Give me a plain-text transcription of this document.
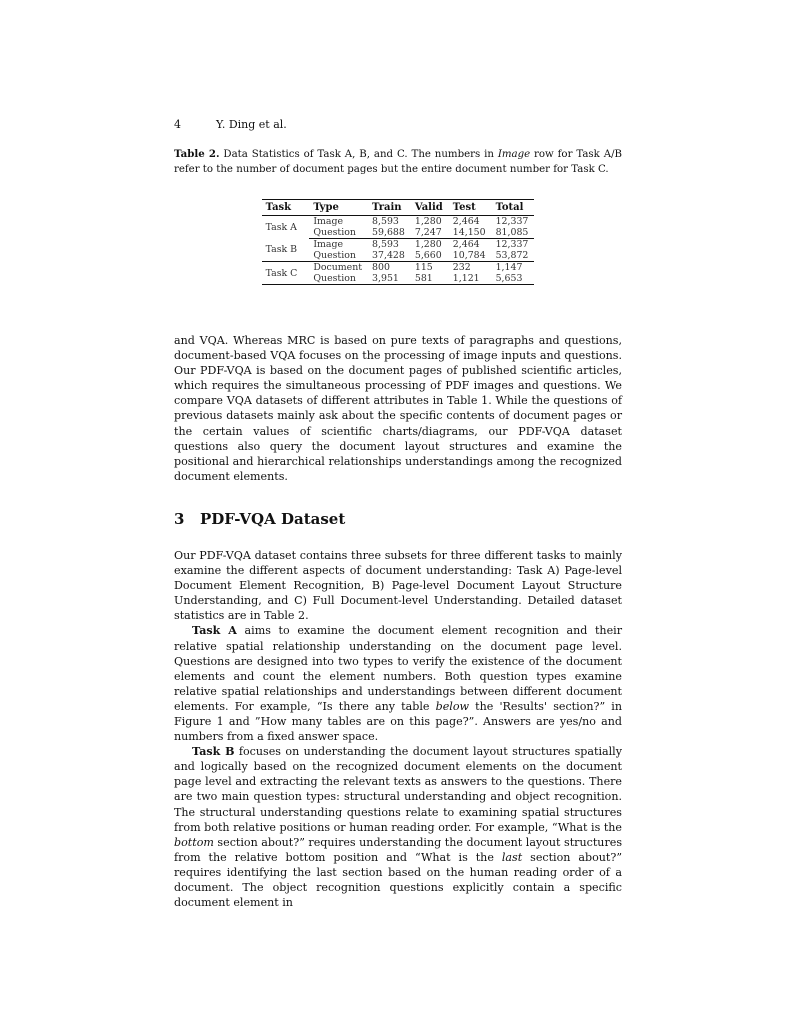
4	Y. Ding et al.

Table 2. Data Statistics of Task A, B, and C. The numbers in Image row for Task A/B refer to the number of document pages but the entire document number for Task C.

Task	Type	Train	Valid	Test	Total
Task A	Image	8,593	1,280	2,464	12,337
	Question	59,688	7,247	14,150	81,085
Task B	Image	8,593	1,280	2,464	12,337
	Question	37,428	5,660	10,784	53,872
Task C	Document	800	115	232	1,147
	Question	3,951	581	1,121	5,653

and VQA. Whereas MRC is based on pure texts of paragraphs and questions, document-based VQA focuses on the processing of image inputs and questions. Our PDF-VQA is based on the document pages of published scientific articles, which requires the simultaneous processing of PDF images and questions. We compare VQA datasets of different attributes in Table 1. While the questions of previous datasets mainly ask about the specific contents of document pages or the certain values of scientific charts/diagrams, our PDF-VQA dataset questions also query the document layout structures and examine the positional and hierarchical relationships understandings among the recognized document elements.

3 PDF-VQA Dataset

Our PDF-VQA dataset contains three subsets for three different tasks to mainly examine the different aspects of document understanding: Task A) Page-level Document Element Recognition, B) Page-level Document Layout Structure Understanding, and C) Full Document-level Understanding. Detailed dataset statistics are in Table 2.

Task A aims to examine the document element recognition and their relative spatial relationship understanding on the document page level. Questions are designed into two types to verify the existence of the document elements and count the element numbers. Both question types examine relative spatial relationships and understandings between different document elements. For example, “Is there any table below the 'Results' section?” in Figure 1 and ”How many tables are on this page?”. Answers are yes/no and numbers from a fixed answer space.

Task B focuses on understanding the document layout structures spatially and logically based on the recognized document elements on the document page level and extracting the relevant texts as answers to the questions. There are two main question types: structural understanding and object recognition. The structural understanding questions relate to examining spatial structures from both relative positions or human reading order. For example, “What is the bottom section about?” requires understanding the document layout structures from the relative bottom position and “What is the last section about?” requires identifying the last section based on the human reading order of a document. The object recognition questions explicitly contain a specific document element in
